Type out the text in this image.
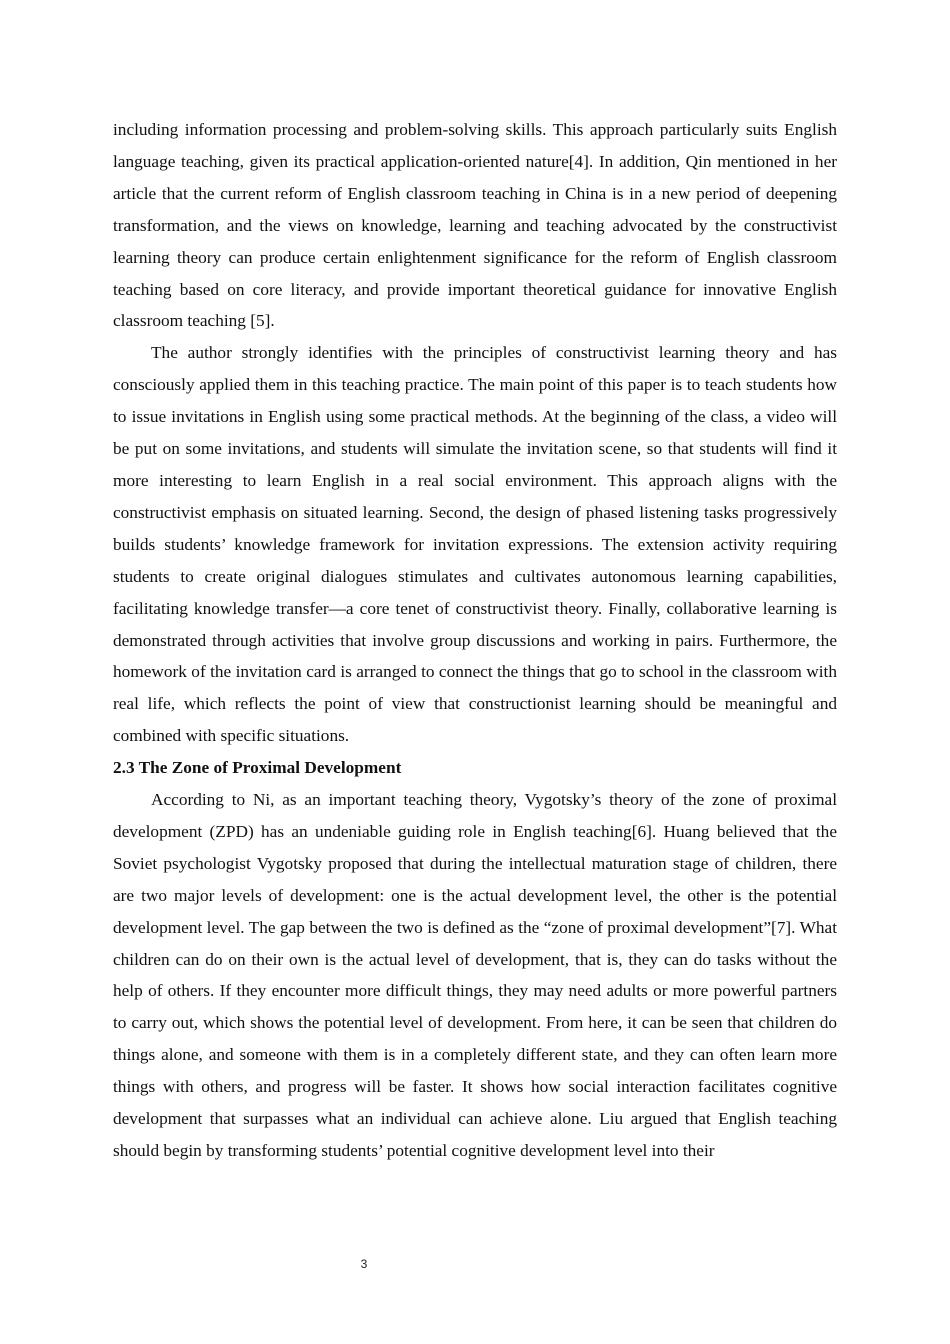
including information processing and problem-solving skills. This approach particularly suits English language teaching, given its practical application-oriented nature[4]. In addition, Qin mentioned in her article that the current reform of English classroom teaching in China is in a new period of deepening transformation, and the views on knowledge, learning and teaching advocated by the constructivist learning theory can produce certain enlightenment significance for the reform of English classroom teaching based on core literacy, and provide important theoretical guidance for innovative English classroom teaching [5].

The author strongly identifies with the principles of constructivist learning theory and has consciously applied them in this teaching practice. The main point of this paper is to teach students how to issue invitations in English using some practical methods. At the beginning of the class, a video will be put on some invitations, and students will simulate the invitation scene, so that students will find it more interesting to learn English in a real social environment. This approach aligns with the constructivist emphasis on situated learning. Second, the design of phased listening tasks progressively builds students’ knowledge framework for invitation expressions. The extension activity requiring students to create original dialogues stimulates and cultivates autonomous learning capabilities, facilitating knowledge transfer—a core tenet of constructivist theory. Finally, collaborative learning is demonstrated through activities that involve group discussions and working in pairs. Furthermore, the homework of the invitation card is arranged to connect the things that go to school in the classroom with real life, which reflects the point of view that constructionist learning should be meaningful and combined with specific situations.

2.3 The Zone of Proximal Development

According to Ni, as an important teaching theory, Vygotsky’s theory of the zone of proximal development (ZPD) has an undeniable guiding role in English teaching[6]. Huang believed that the Soviet psychologist Vygotsky proposed that during the intellectual maturation stage of children, there are two major levels of development: one is the actual development level, the other is the potential development level. The gap between the two is defined as the “zone of proximal development”[7]. What children can do on their own is the actual level of development, that is, they can do tasks without the help of others. If they encounter more difficult things, they may need adults or more powerful partners to carry out, which shows the potential level of development. From here, it can be seen that children do things alone, and someone with them is in a completely different state, and they can often learn more things with others, and progress will be faster. It shows how social interaction facilitates cognitive development that surpasses what an individual can achieve alone. Liu argued that English teaching should begin by transforming students’ potential cognitive development level into their

3
